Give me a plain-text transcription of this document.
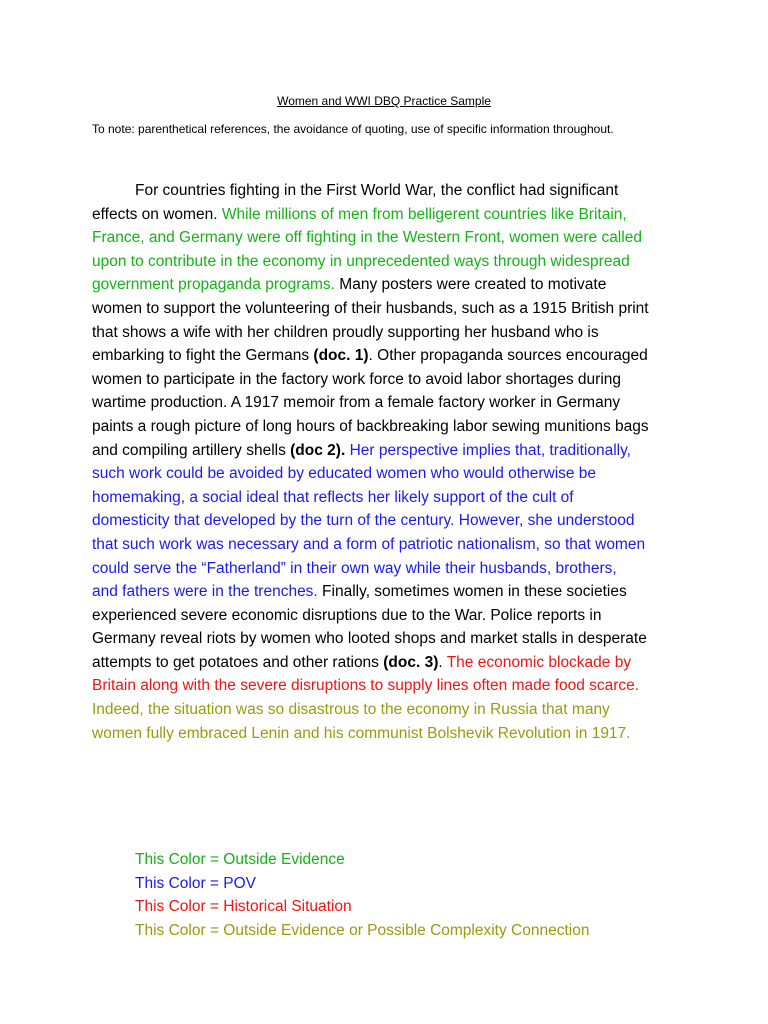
Women and WWI DBQ Practice Sample
To note: parenthetical references, the avoidance of quoting, use of specific information throughout.
For countries fighting in the First World War, the conflict had significant
effects on women. While millions of men from belligerent countries like Britain,
France, and Germany were off fighting in the Western Front, women were called
upon to contribute in the economy in unprecedented ways through widespread
government propaganda programs. Many posters were created to motivate
women to support the volunteering of their husbands, such as a 1915 British print
that shows a wife with her children proudly supporting her husband who is
embarking to fight the Germans (doc. 1). Other propaganda sources encouraged
women to participate in the factory work force to avoid labor shortages during
wartime production. A 1917 memoir from a female factory worker in Germany
paints a rough picture of long hours of backbreaking labor sewing munitions bags
and compiling artillery shells (doc 2). Her perspective implies that, traditionally,
such work could be avoided by educated women who would otherwise be
homemaking, a social ideal that reflects her likely support of the cult of
domesticity that developed by the turn of the century. However, she understood
that such work was necessary and a form of patriotic nationalism, so that women
could serve the “Fatherland” in their own way while their husbands, brothers,
and fathers were in the trenches. Finally, sometimes women in these societies
experienced severe economic disruptions due to the War. Police reports in
Germany reveal riots by women who looted shops and market stalls in desperate
attempts to get potatoes and other rations (doc. 3). The economic blockade by
Britain along with the severe disruptions to supply lines often made food scarce.
Indeed, the situation was so disastrous to the economy in Russia that many
women fully embraced Lenin and his communist Bolshevik Revolution in 1917.
This Color = Outside Evidence
This Color = POV
This Color = Historical Situation
This Color = Outside Evidence or Possible Complexity Connection
